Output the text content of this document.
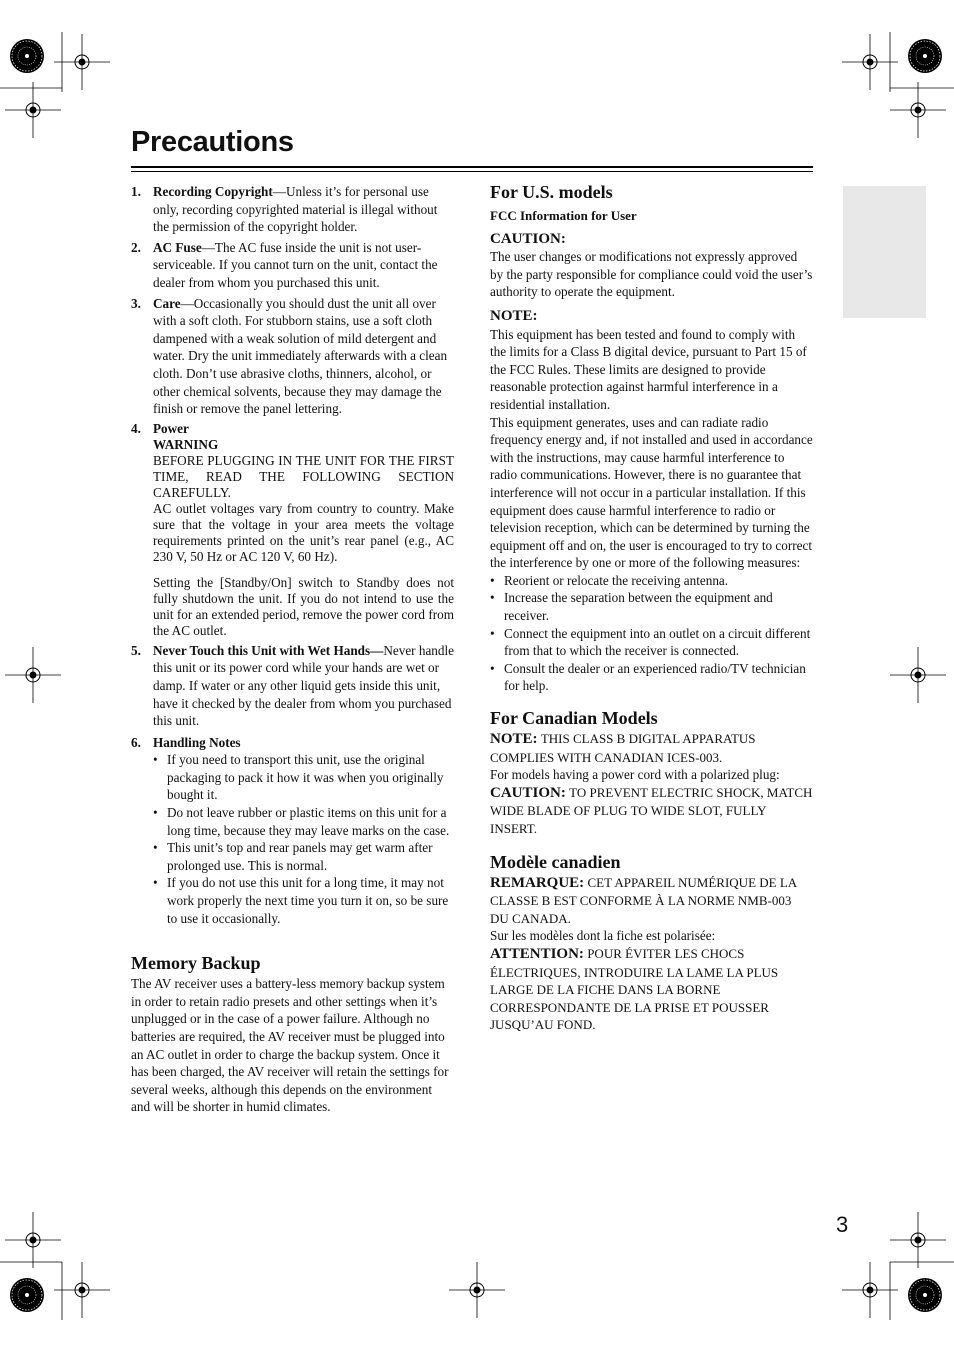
Precautions
3
1. Recording Copyright—Unless it’s for personal use only, recording copyrighted material is illegal without the permission of the copyright holder.
2. AC Fuse—The AC fuse inside the unit is not user-serviceable. If you cannot turn on the unit, contact the dealer from whom you purchased this unit.
3. Care—Occasionally you should dust the unit all over with a soft cloth. For stubborn stains, use a soft cloth dampened with a weak solution of mild detergent and water. Dry the unit immediately afterwards with a clean cloth. Don’t use abrasive cloths, thinners, alcohol, or other chemical solvents, because they may damage the finish or remove the panel lettering.
4. Power
WARNING

BEFORE PLUGGING IN THE UNIT FOR THE FIRST TIME, READ THE FOLLOWING SECTION CAREFULLY.

AC outlet voltages vary from country to country. Make sure that the voltage in your area meets the voltage requirements printed on the unit’s rear panel (e.g., AC 230 V, 50 Hz or AC 120 V, 60 Hz).

Setting the [Standby/On] switch to Standby does not fully shutdown the unit. If you do not intend to use the unit for an extended period, remove the power cord from the AC outlet.

5. Never Touch this Unit with Wet Hands—Never handle this unit or its power cord while your hands are wet or damp. If water or any other liquid gets inside this unit, have it checked by the dealer from whom you purchased this unit.
6. Handling Notes
• If you need to transport this unit, use the original packaging to pack it how it was when you originally bought it.
• Do not leave rubber or plastic items on this unit for a long time, because they may leave marks on the case.
• This unit’s top and rear panels may get warm after prolonged use. This is normal.
• If you do not use this unit for a long time, it may not work properly the next time you turn it on, so be sure to use it occasionally.
Memory Backup

The AV receiver uses a battery-less memory backup system in order to retain radio presets and other settings when it’s unplugged or in the case of a power failure. Although no batteries are required, the AV receiver must be plugged into an AC outlet in order to charge the backup system. Once it has been charged, the AV receiver will retain the settings for several weeks, although this depends on the environment and will be shorter in humid climates.

For U.S. models
FCC Information for User
CAUTION:

The user changes or modifications not expressly approved by the party responsible for compliance could void the user’s authority to operate the equipment.

NOTE:

This equipment has been tested and found to comply with the limits for a Class B digital device, pursuant to Part 15 of the FCC Rules. These limits are designed to provide reasonable protection against harmful interference in a residential installation.

This equipment generates, uses and can radiate radio frequency energy and, if not installed and used in accordance with the instructions, may cause harmful interference to radio communications. However, there is no guarantee that interference will not occur in a particular installation. If this equipment does cause harmful interference to radio or television reception, which can be determined by turning the equipment off and on, the user is encouraged to try to correct the interference by one or more of the following measures:

• Reorient or relocate the receiving antenna.
• Increase the separation between the equipment and receiver.
• Connect the equipment into an outlet on a circuit different from that to which the receiver is connected.
• Consult the dealer or an experienced radio/TV technician for help.
For Canadian Models

NOTE: THIS CLASS B DIGITAL APPARATUS COMPLIES WITH CANADIAN ICES-003.

For models having a power cord with a polarized plug:

CAUTION: TO PREVENT ELECTRIC SHOCK, MATCH WIDE BLADE OF PLUG TO WIDE SLOT, FULLY INSERT.

Modèle canadien

REMARQUE: CET APPAREIL NUMÉRIQUE DE LA CLASSE B EST CONFORME À LA NORME NMB-003 DU CANADA.

Sur les modèles dont la fiche est polarisée:

ATTENTION: POUR ÉVITER LES CHOCS ÉLECTRIQUES, INTRODUIRE LA LAME LA PLUS LARGE DE LA FICHE DANS LA BORNE CORRESPONDANTE DE LA PRISE ET POUSSER JUSQU’AU FOND.
